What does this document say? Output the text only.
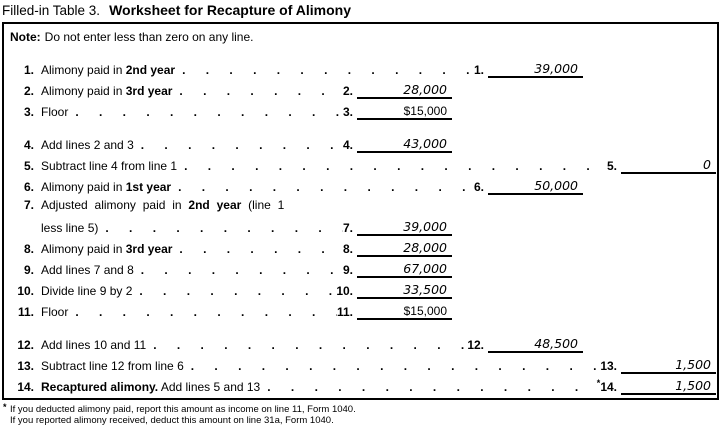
Filled-in Table 3. Worksheet for Recapture of Alimony
Note: Do not enter less than zero on any line.
1. Alimony paid in 2nd year . . .	1.	39,000
2. Alimony paid in 3rd year . . .	2.	28,000
3. Floor . . .	3.	$15,000
4. Add lines 2 and 3 . . .	4.	43,000
5. Subtract line 4 from line 1 . . .	5.	0
6. Alimony paid in 1st year . . .	6.	50,000
7. Adjusted alimony paid in 2nd year (line 1
less line 5) . . .	7.	39,000
8. Alimony paid in 3rd year . . .	8.	28,000
9. Add lines 7 and 8 . . .	9.	67,000
10. Divide line 9 by 2 . . .	10.	33,500
11. Floor . . .	11.	$15,000
12. Add lines 10 and 11 . . .	12.	48,500
13. Subtract line 12 from line 6 . . .	13.	1,500
14. Recaptured alimony. Add lines 5 and 13 . . .	*14.	1,500
* If you deducted alimony paid, report this amount as income on line 11, Form 1040.
If you reported alimony received, deduct this amount on line 31a, Form 1040.
